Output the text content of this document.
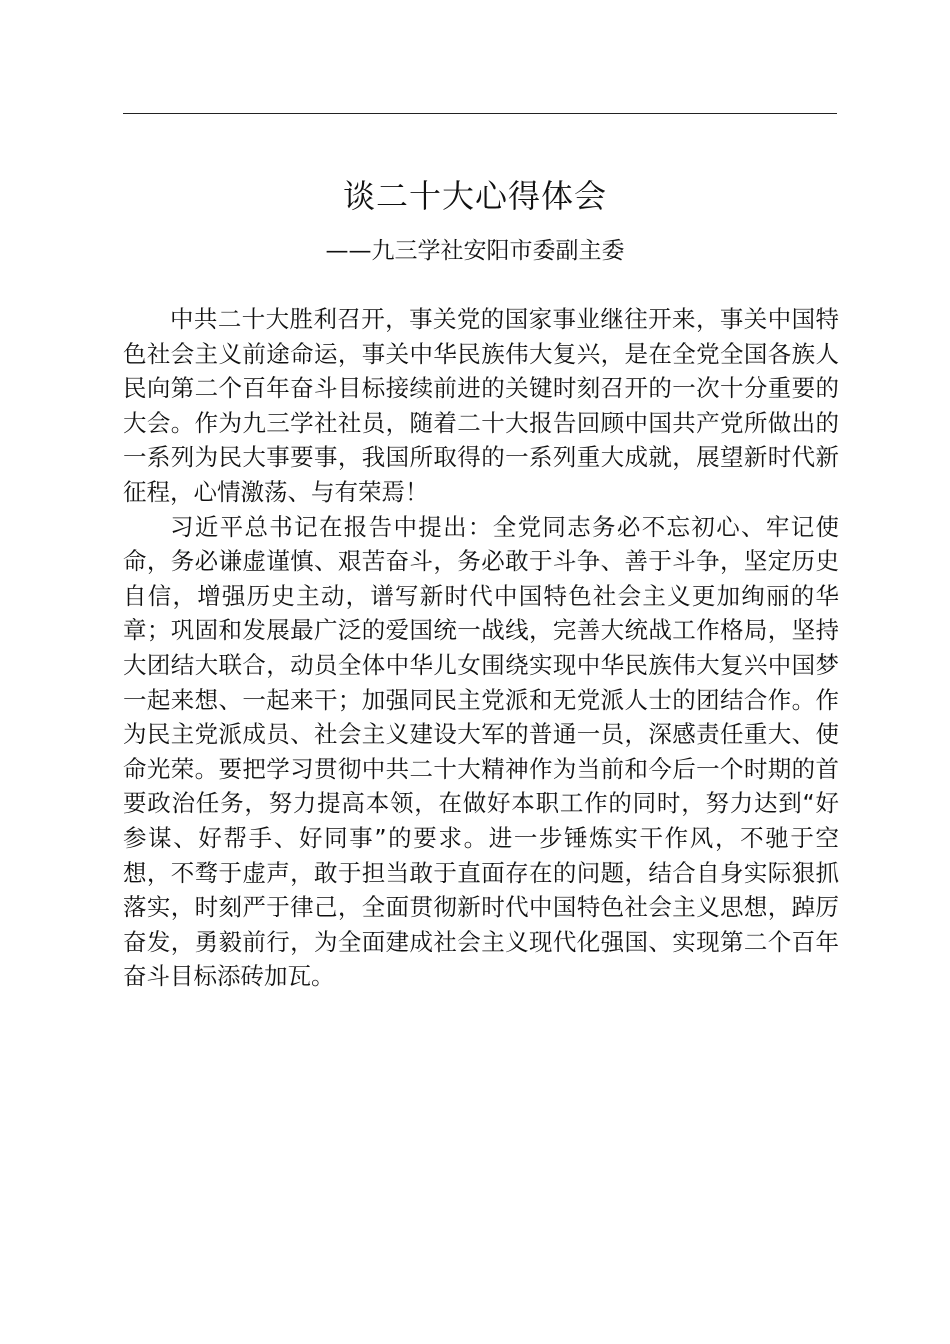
谈二十大心得体会
——九三学社安阳市委副主委

中共二十大胜利召开，事关党的国家事业继往开来，事关中国特色社会主义前途命运，事关中华民族伟大复兴，是在全党全国各族人民向第二个百年奋斗目标接续前进的关键时刻召开的一次十分重要的大会。作为九三学社社员，随着二十大报告回顾中国共产党所做出的一系列为民大事要事，我国所取得的一系列重大成就，展望新时代新征程，心情激荡、与有荣焉！

习近平总书记在报告中提出：全党同志务必不忘初心、牢记使命，务必谦虚谨慎、艰苦奋斗，务必敢于斗争、善于斗争，坚定历史自信，增强历史主动，谱写新时代中国特色社会主义更加绚丽的华章；巩固和发展最广泛的爱国统一战线，完善大统战工作格局，坚持大团结大联合，动员全体中华儿女围绕实现中华民族伟大复兴中国梦一起来想、一起来干；加强同民主党派和无党派人士的团结合作。作为民主党派成员、社会主义建设大军的普通一员，深感责任重大、使命光荣。要把学习贯彻中共二十大精神作为当前和今后一个时期的首要政治任务，努力提高本领，在做好本职工作的同时，努力达到“好参谋、好帮手、好同事”的要求。进一步锤炼实干作风，不驰于空想，不骛于虚声，敢于担当敢于直面存在的问题，结合自身实际狠抓落实，时刻严于律己，全面贯彻新时代中国特色社会主义思想，踔厉奋发，勇毅前行，为全面建成社会主义现代化强国、实现第二个百年奋斗目标添砖加瓦。
